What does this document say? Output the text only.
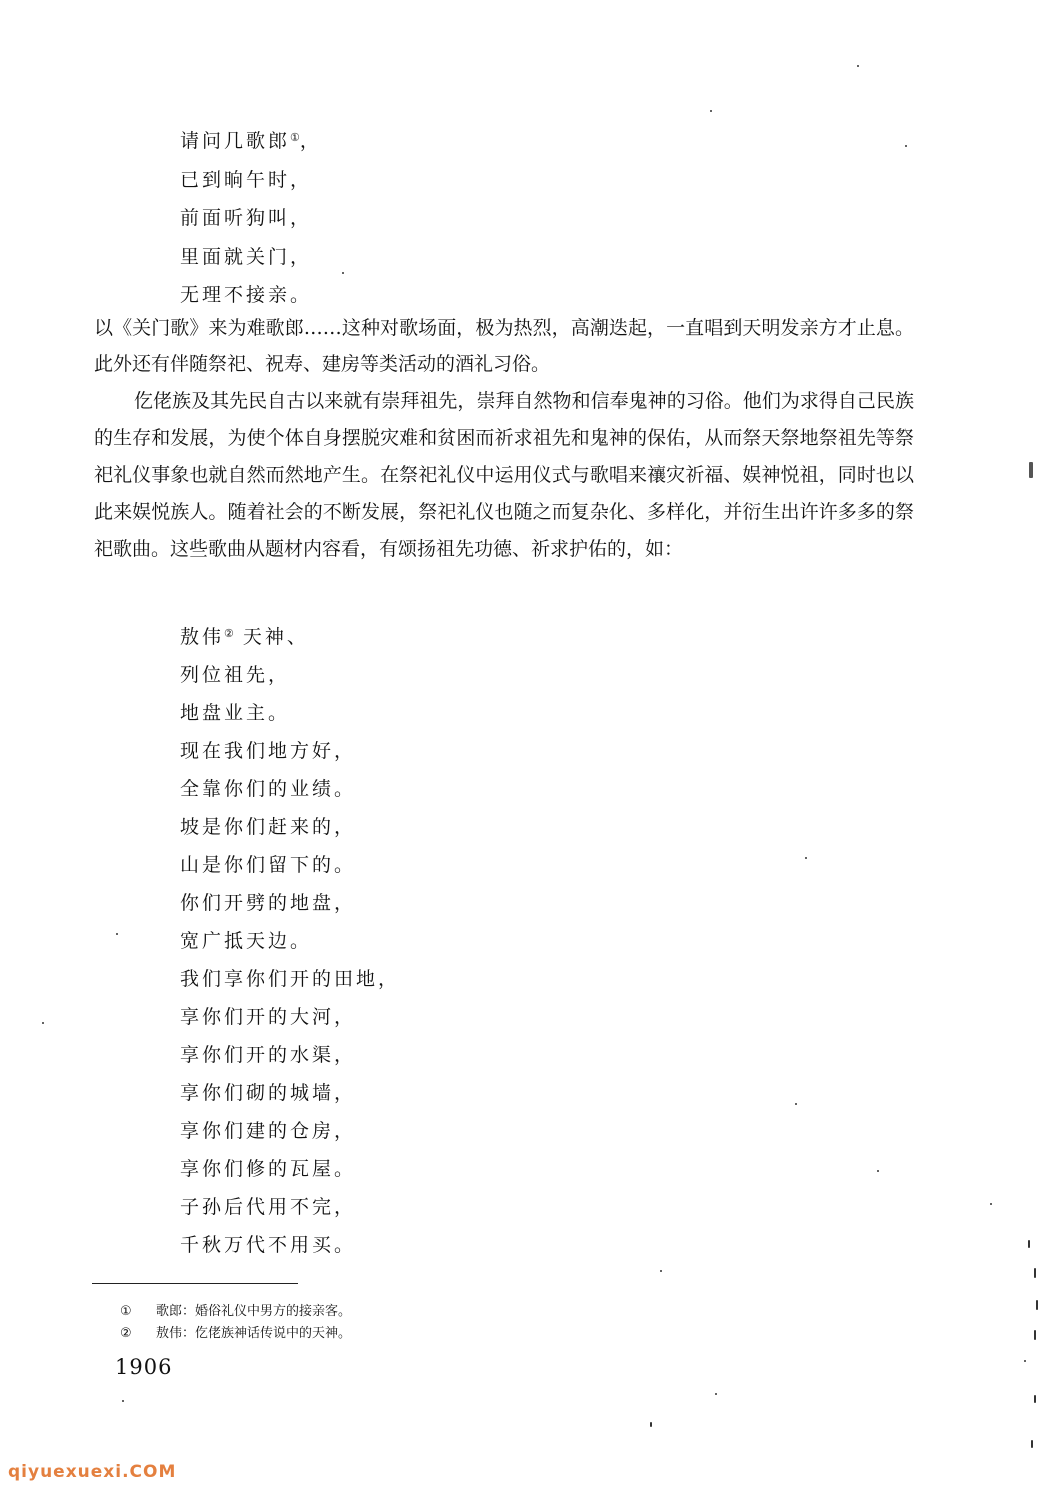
请问几歌郎①，
已到晌午时，
前面听狗叫，
里面就关门，
无理不接亲。

以《关门歌》来为难歌郎……这种对歌场面，极为热烈，高潮迭起，一直唱到天明发亲方才止息。此外还有伴随祭祀、祝寿、建房等类活动的酒礼习俗。

仡佬族及其先民自古以来就有崇拜祖先，崇拜自然物和信奉鬼神的习俗。他们为求得自己民族的生存和发展，为使个体自身摆脱灾难和贫困而祈求祖先和鬼神的保佑，从而祭天祭地祭祖先等祭祀礼仪事象也就自然而然地产生。在祭祀礼仪中运用仪式与歌唱来禳灾祈福、娱神悦祖，同时也以此来娱悦族人。随着社会的不断发展，祭祀礼仪也随之而复杂化、多样化，并衍生出许许多多的祭祀歌曲。这些歌曲从题材内容看，有颂扬祖先功德、祈求护佑的，如：

敖伟② 天神、
列位祖先，
地盘业主。
现在我们地方好，
全靠你们的业绩。
坡是你们赶来的，
山是你们留下的。
你们开劈的地盘，
宽广抵天边。
我们享你们开的田地，
享你们开的大河，
享你们开的水渠，
享你们砌的城墙，
享你们建的仓房，
享你们修的瓦屋。
子孙后代用不完，
千秋万代不用买。
① 歌郎：婚俗礼仪中男方的接亲客。
② 敖伟：仡佬族神话传说中的天神。
1906
qiyuexuexi.COM
